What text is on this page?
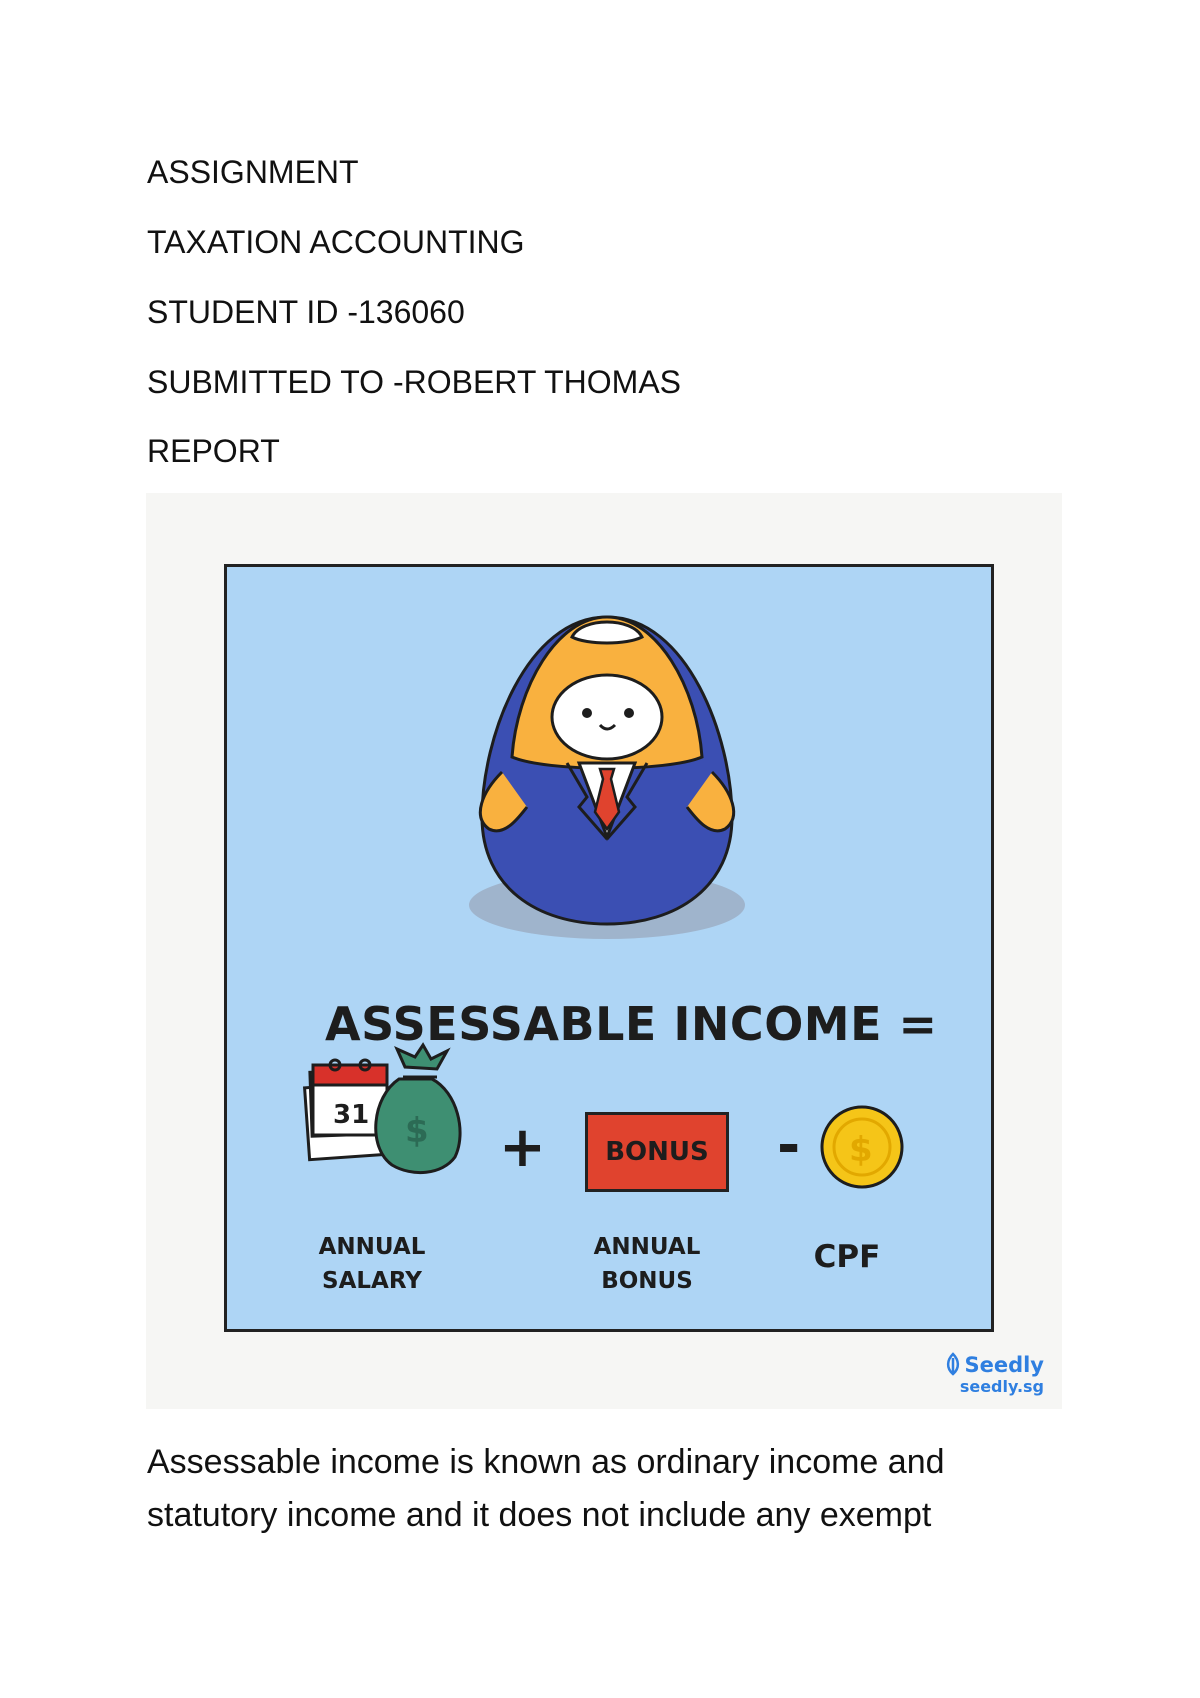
ASSIGNMENT
TAXATION ACCOUNTING
STUDENT ID -136060
SUBMITTED TO -ROBERT THOMAS
REPORT
31 $	$
ASSESSABLE INCOME =
+	BONUS	-
ANNUAL
SALARY
ANNUAL
BONUS
CPF
Seedly
seedly.sg
Assessable income is known as ordinary income and statutory income and it does not include any exempt
